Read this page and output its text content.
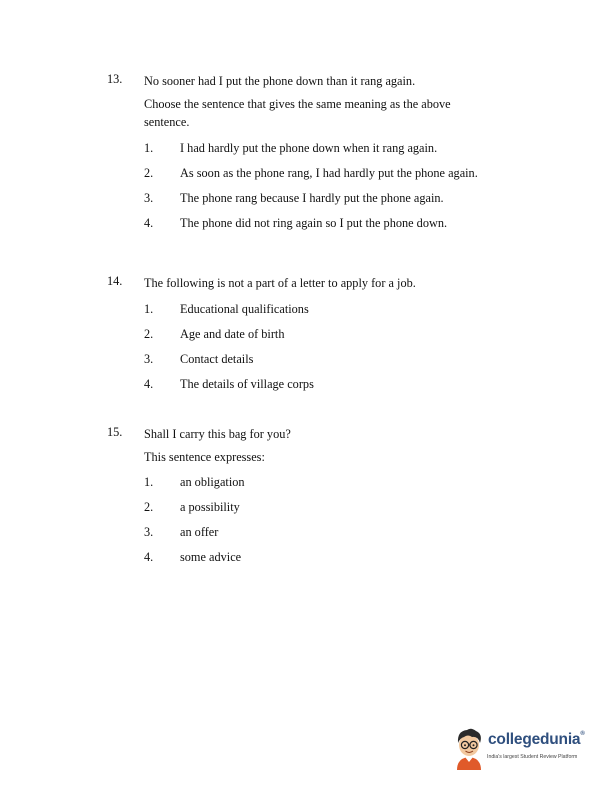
13. No sooner had I put the phone down than it rang again.
Choose the sentence that gives the same meaning as the above sentence.
1. I had hardly put the phone down when it rang again.
2. As soon as the phone rang, I had hardly put the phone again.
3. The phone rang because I hardly put the phone again.
4. The phone did not ring again so I put the phone down.
14. The following is not a part of a letter to apply for a job.
1. Educational qualifications
2. Age and date of birth
3. Contact details
4. The details of village corps
15. Shall I carry this bag for you?
This sentence expresses:
1. an obligation
2. a possibility
3. an offer
4. some advice
collegedunia®
India's largest Student Review Platform
